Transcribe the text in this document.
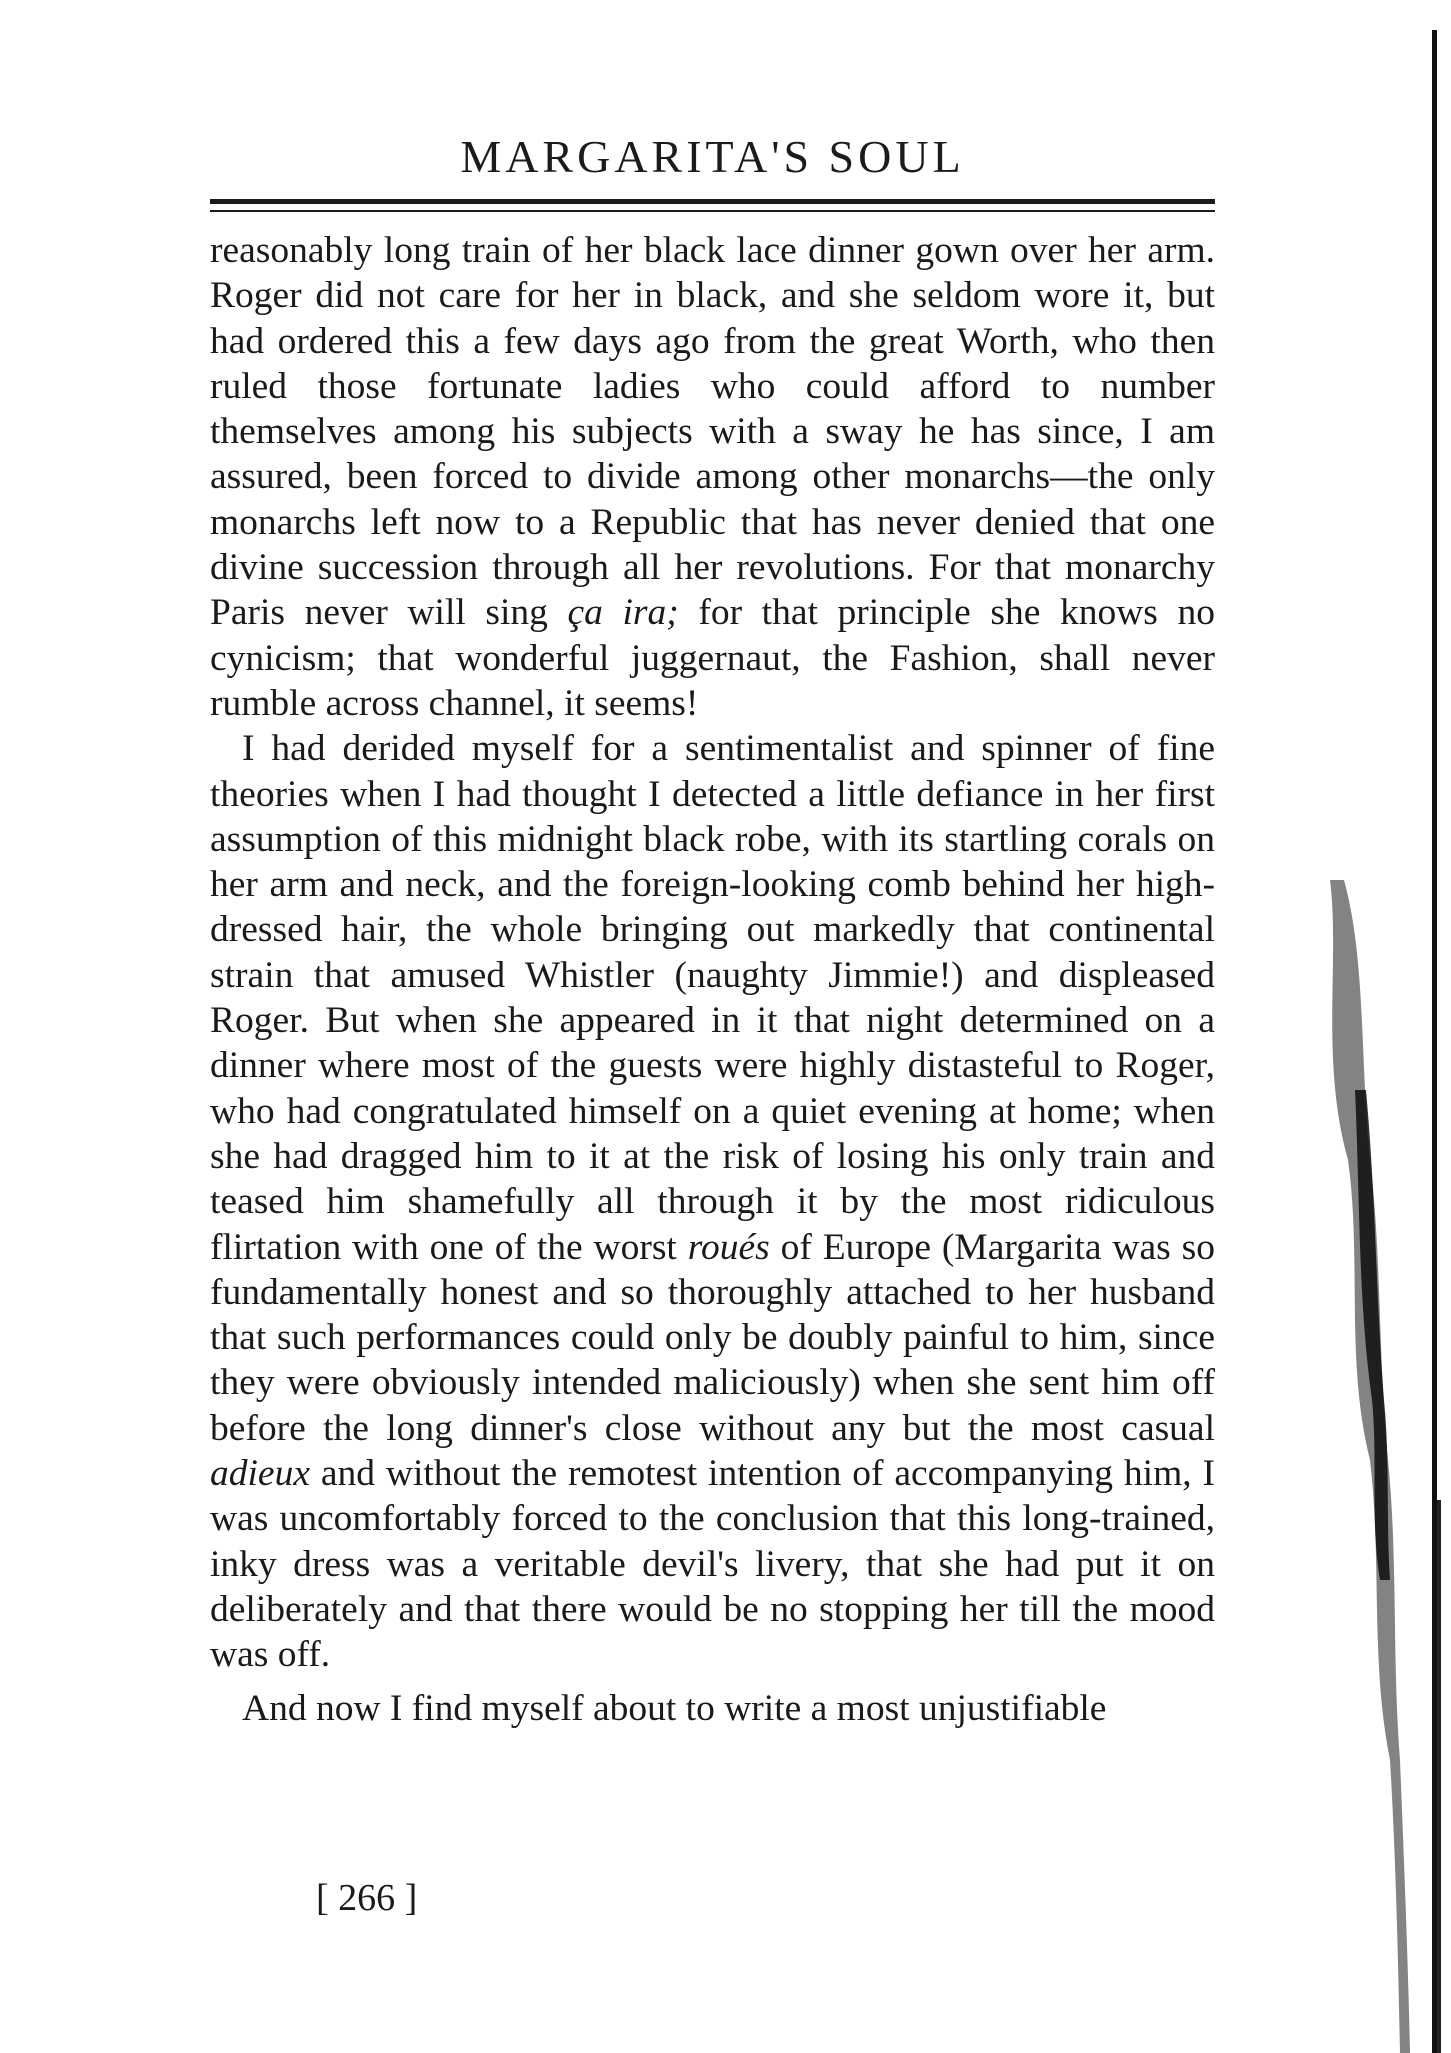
MARGARITA'S SOUL

reasonably long train of her black lace dinner gown over her arm. Roger did not care for her in black, and she seldom wore it, but had ordered this a few days ago from the great Worth, who then ruled those fortunate ladies who could afford to number themselves among his subjects with a sway he has since, I am assured, been forced to divide among other monarchs—the only monarchs left now to a Republic that has never denied that one divine succession through all her revolutions. For that monarchy Paris never will sing ça ira; for that principle she knows no cynicism; that wonderful juggernaut, the Fashion, shall never rumble across channel, it seems!

I had derided myself for a sentimentalist and spinner of fine theories when I had thought I detected a little defiance in her first assumption of this midnight black robe, with its startling corals on her arm and neck, and the foreign-looking comb behind her high-dressed hair, the whole bringing out markedly that continental strain that amused Whistler (naughty Jimmie!) and displeased Roger. But when she appeared in it that night determined on a dinner where most of the guests were highly distasteful to Roger, who had congratulated himself on a quiet evening at home; when she had dragged him to it at the risk of losing his only train and teased him shamefully all through it by the most ridiculous flirtation with one of the worst roués of Europe (Margarita was so fundamentally honest and so thoroughly attached to her husband that such performances could only be doubly painful to him, since they were obviously intended maliciously) when she sent him off before the long dinner's close without any but the most casual adieux and without the remotest intention of accompanying him, I was uncomfortably forced to the conclusion that this long-trained, inky dress was a veritable devil's livery, that she had put it on deliberately and that there would be no stopping her till the mood was off.

And now I find myself about to write a most unjustifiable

[ 266 ]
